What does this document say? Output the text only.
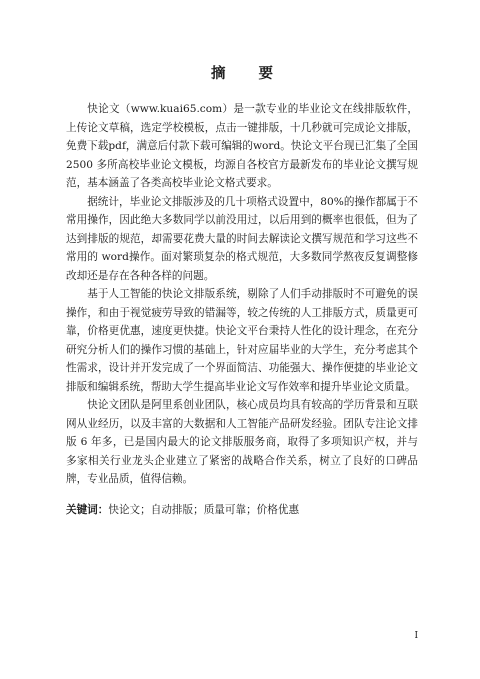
摘 要

快论文（www.kuai65.com）是一款专业的毕业论文在线排版软件，上传论文草稿，选定学校模板，点击一键排版，十几秒就可完成论文排版，免费下载pdf，满意后付款下载可编辑的word。快论文平台现已汇集了全国 2500 多所高校毕业论文模板，均源自各校官方最新发布的毕业论文撰写规范，基本涵盖了各类高校毕业论文格式要求。

据统计，毕业论文排版涉及的几十项格式设置中，80%的操作都属于不常用操作，因此绝大多数同学以前没用过，以后用到的概率也很低，但为了达到排版的规范，却需要花费大量的时间去解读论文撰写规范和学习这些不常用的 word操作。面对繁琐复杂的格式规范，大多数同学熬夜反复调整修改却还是存在各种各样的问题。

基于人工智能的快论文排版系统，剔除了人们手动排版时不可避免的误操作，和由于视觉疲劳导致的错漏等，较之传统的人工排版方式，质量更可靠，价格更优惠，速度更快捷。快论文平台秉持人性化的设计理念，在充分研究分析人们的操作习惯的基础上，针对应届毕业的大学生，充分考虑其个性需求，设计并开发完成了一个界面简洁、功能强大、操作便捷的毕业论文排版和编辑系统，帮助大学生提高毕业论文写作效率和提升毕业论文质量。

快论文团队是阿里系创业团队，核心成员均具有较高的学历背景和互联网从业经历，以及丰富的大数据和人工智能产品研发经验。团队专注论文排版 6 年多，已是国内最大的论文排版服务商，取得了多项知识产权，并与多家相关行业龙头企业建立了紧密的战略合作关系，树立了良好的口碑品牌，专业品质，值得信赖。

关键词：快论文；自动排版；质量可靠；价格优惠
I
